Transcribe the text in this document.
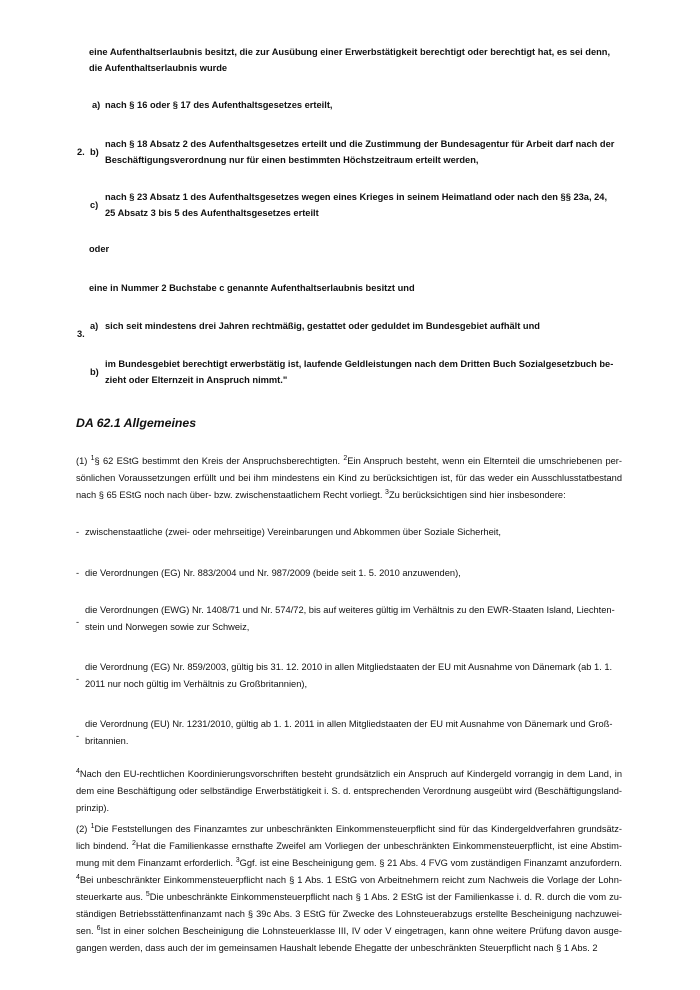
eine Aufenthaltserlaubnis besitzt, die zur Ausübung einer Erwerbstätigkeit berechtigt oder berechtigt hat, es sei denn,
die Aufenthaltserlaubnis wurde
2.
a) nach § 16 oder § 17 des Aufenthaltsgesetzes erteilt,
b)
nach § 18 Absatz 2 des Aufenthaltsgesetzes erteilt und die Zustimmung der Bundesagentur für Arbeit darf nach der
Beschäftigungsverordnung nur für einen bestimmten Höchstzeitraum erteilt werden,
c)
nach § 23 Absatz 1 des Aufenthaltsgesetzes wegen eines Krieges in seinem Heimatland oder nach den §§ 23a, 24,
25 Absatz 3 bis 5 des Aufenthaltsgesetzes erteilt
oder
eine in Nummer 2 Buchstabe c genannte Aufenthaltserlaubnis besitzt und
3.
a) sich seit mindestens drei Jahren rechtmäßig, gestattet oder geduldet im Bundesgebiet aufhält und
b)
im Bundesgebiet berechtigt erwerbstätig ist, laufende Geldleistungen nach dem Dritten Buch Sozialgesetzbuch be-
zieht oder Elternzeit in Anspruch nimmt."
DA 62.1 Allgemeines
(1) $^1$§ 62 EStG bestimmt den Kreis der Anspruchsberechtigten. $^2$Ein Anspruch besteht, wenn ein Elternteil die umschriebenen persönlichen Voraussetzungen erfüllt und bei ihm mindestens ein Kind zu berücksichtigen ist, für das weder ein Ausschlusstatbestand nach § 65 EStG noch nach über- bzw. zwischenstaatlichem Recht vorliegt. $^3$Zu berücksichtigen sind hier insbesondere:
- zwischenstaatliche (zwei- oder mehrseitige) Vereinbarungen und Abkommen über Soziale Sicherheit,
- die Verordnungen (EG) Nr. 883/2004 und Nr. 987/2009 (beide seit 1. 5. 2010 anzuwenden),
-
die Verordnungen (EWG) Nr. 1408/71 und Nr. 574/72, bis auf weiteres gültig im Verhältnis zu den EWR-Staaten Island, Liechtenstein und Norwegen sowie zur Schweiz,
-
die Verordnung (EG) Nr. 859/2003, gültig bis 31. 12. 2010 in allen Mitgliedstaaten der EU mit Ausnahme von Dänemark (ab 1. 1. 2011 nur noch gültig im Verhältnis zu Großbritannien),
-
die Verordnung (EU) Nr. 1231/2010, gültig ab 1. 1. 2011 in allen Mitgliedstaaten der EU mit Ausnahme von Dänemark und Großbritannien.
$^4$Nach den EU-rechtlichen Koordinierungsvorschriften besteht grundsätzlich ein Anspruch auf Kindergeld vorrangig in dem Land, in dem eine Beschäftigung oder selbständige Erwerbstätigkeit i. S. d. entsprechenden Verordnung ausgeübt wird (Beschäftigungslandprinzip).
(2) $^1$Die Feststellungen des Finanzamtes zur unbeschränkten Einkommensteuerpflicht sind für das Kindergeldverfahren grundsätzlich bindend. $^2$Hat die Familienkasse ernsthafte Zweifel am Vorliegen der unbeschränkten Einkommensteuerpflicht, ist eine Abstimmung mit dem Finanzamt erforderlich. $^3$Ggf. ist eine Bescheinigung gem. § 21 Abs. 4 FVG vom zuständigen Finanzamt anzufordern. $^4$Bei unbeschränkter Einkommensteuerpflicht nach § 1 Abs. 1 EStG von Arbeitnehmern reicht zum Nachweis die Vorlage der Lohnsteuerkarte aus. $^5$Die unbeschränkte Einkommensteuerpflicht nach § 1 Abs. 2 EStG ist der Familienkasse i. d. R. durch die vom zuständigen Betriebsstättenfinanzamt nach § 39c Abs. 3 EStG für Zwecke des Lohnsteuerabzugs erstellte Bescheinigung nachzuweisen. $^6$Ist in einer solchen Bescheinigung die Lohnsteuerklasse III, IV oder V eingetragen, kann ohne weitere Prüfung davon ausgegangen werden, dass auch der im gemeinsamen Haushalt lebende Ehegatte der unbeschränkten Steuerpflicht nach § 1 Abs. 2
